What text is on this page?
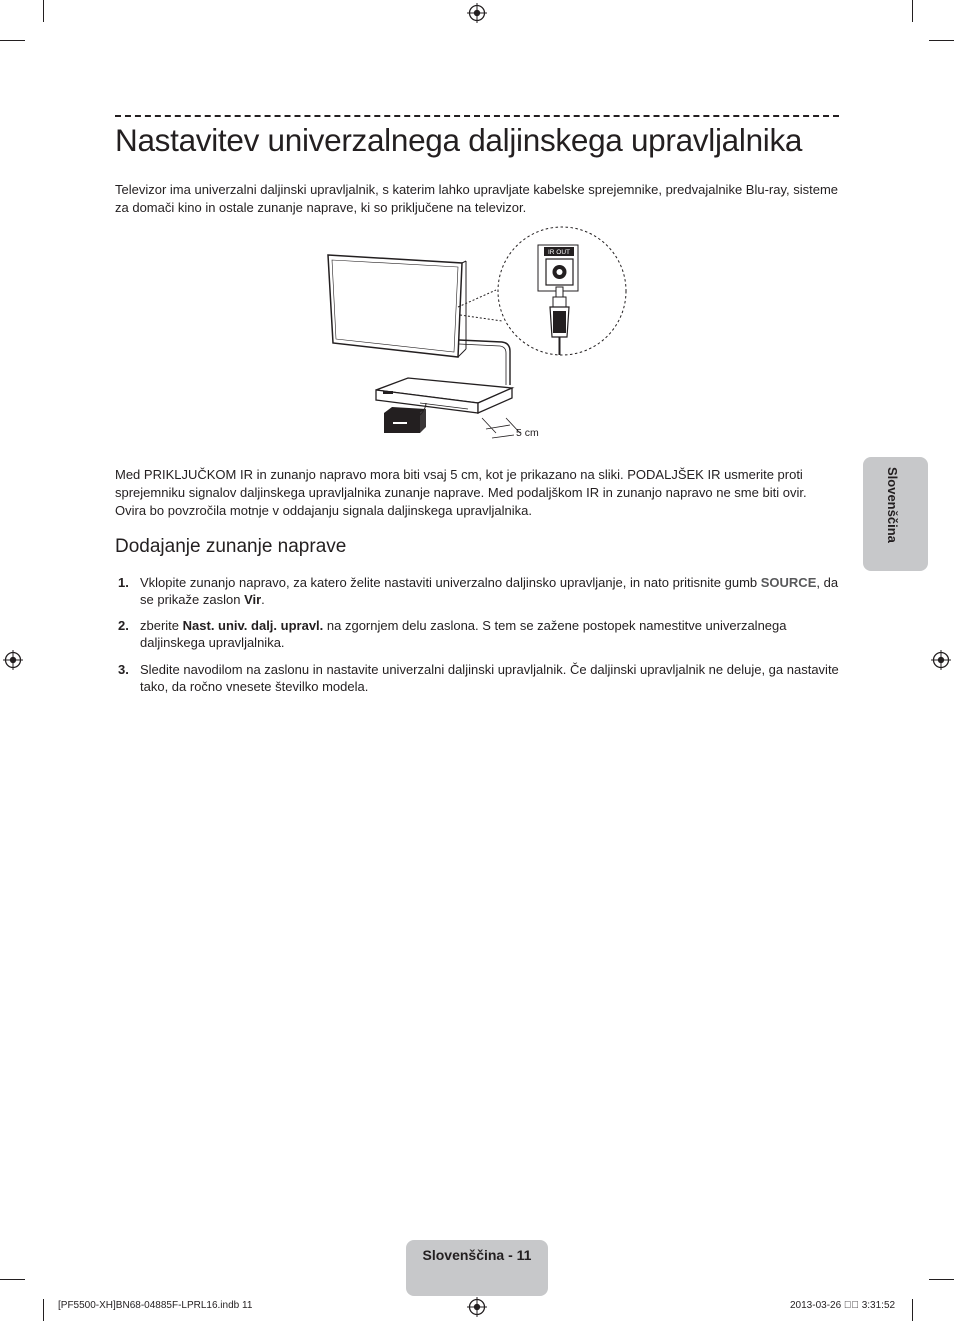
Nastavitev univerzalnega daljinskega upravljalnika
Televizor ima univerzalni daljinski upravljalnik, s katerim lahko upravljate kabelske sprejemnike, predvajalnike Blu-ray, sisteme za domači kino in ostale zunanje naprave, ki so priključene na televizor.
5 cm
IR OUT
Med PRIKLJUČKOM IR in zunanjo napravo mora biti vsaj 5 cm, kot je prikazano na sliki. PODALJŠEK IR usmerite proti sprejemniku signalov daljinskega upravljalnika zunanje naprave. Med podaljškom IR in zunanjo napravo ne sme biti ovir. Ovira bo povzročila motnje v oddajanju signala daljinskega upravljalnika.
Dodajanje zunanje naprave
1. Vklopite zunanjo napravo, za katero želite nastaviti univerzalno daljinsko upravljanje, in nato pritisnite gumb SOURCE, da se prikaže zaslon Vir.
2. zberite Nast. univ. dalj. upravl. na zgornjem delu zaslona. S tem se zažene postopek namestitve univerzalnega daljinskega upravljalnika.
3. Sledite navodilom na zaslonu in nastavite univerzalni daljinski upravljalnik. Če daljinski upravljalnik ne deluje, ga nastavite tako, da ročno vnesete številko modela.
Slovenščina
Slovenščina - 11
[PF5500-XH]BN68-04885F-LPRL16.indb 11	2013-03-26 ￿￿ 3:31:52
